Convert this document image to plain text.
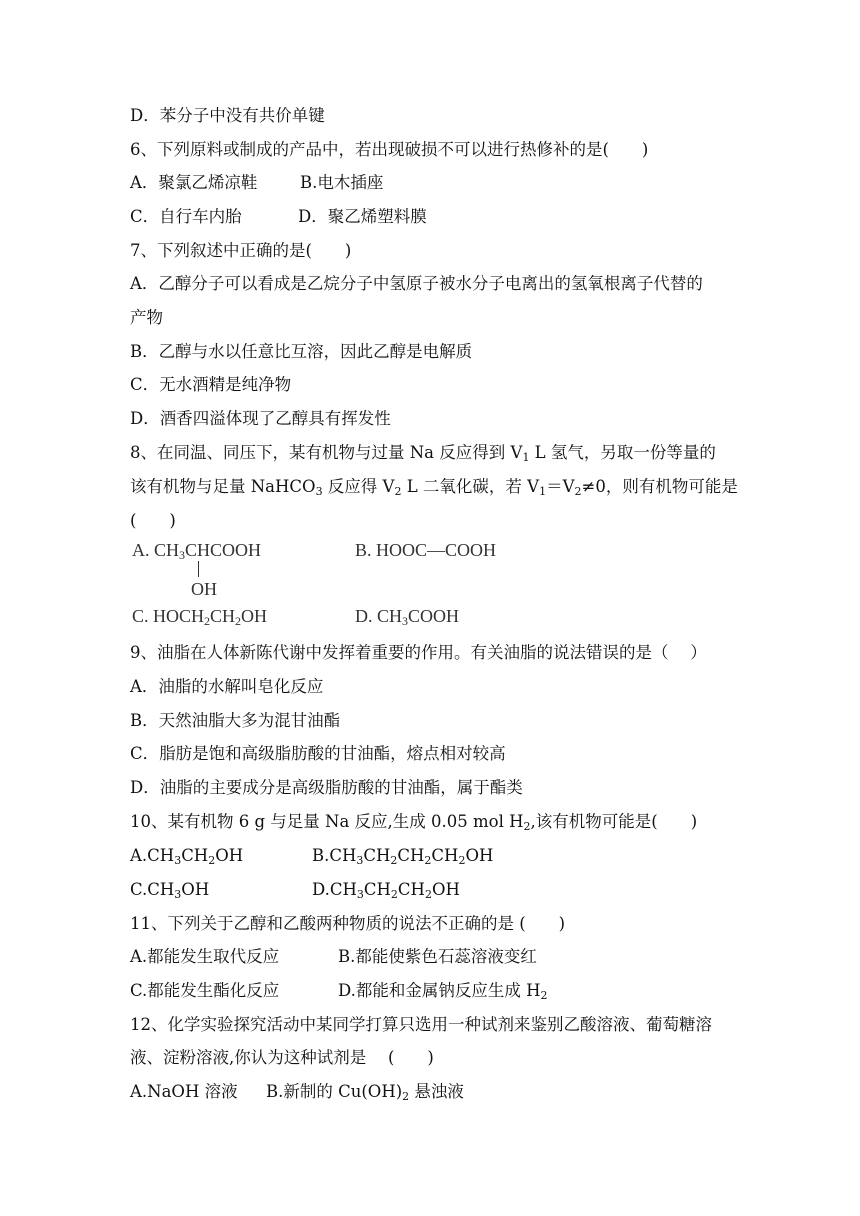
D．苯分子中没有共价单键
6、下列原料或制成的产品中，若出现破损不可以进行热修补的是(　　)
A．聚氯乙烯凉鞋	B.电木插座
C．自行车内胎	D．聚乙烯塑料膜
7、下列叙述中正确的是(　　)
A．乙醇分子可以看成是乙烷分子中氢原子被水分子电离出的氢氧根离子代替的
产物
B．乙醇与水以任意比互溶，因此乙醇是电解质
C．无水酒精是纯净物
D．酒香四溢体现了乙醇具有挥发性
8、在同温、同压下，某有机物与过量 Na 反应得到 $V_1$ L 氢气，另取一份等量的
该有机物与足量 NaHCO$_3$ 反应得 $V_2$ L 二氧化碳，若 $V_1=V_2\ne 0$，则有机物可能是
(　　)
A. $CH_3CHCOOH$
OH
B. HOOC—COOH
C. $HOCH_2CH_2OH$	D. $CH_3COOH$
9、油脂在人体新陈代谢中发挥着重要的作用。有关油脂的说法错误的是（　 ）
A．油脂的水解叫皂化反应
B．天然油脂大多为混甘油酯
C．脂肪是饱和高级脂肪酸的甘油酯，熔点相对较高
D．油脂的主要成分是高级脂肪酸的甘油酯，属于酯类
10、某有机物 6 g 与足量 Na 反应,生成 0.05 mol $H_2$,该有机物可能是(　　)
$A.CH_3CH_2OH$	$B.CH_3CH_2CH_2CH_2OH$
$C.CH_3OH$	$D.CH_3CH_2CH_2OH$
11、下列关于乙醇和乙酸两种物质的说法不正确的是 (　　)
A.都能发生取代反应	B.都能使紫色石蕊溶液变红
C.都能发生酯化反应	D.都能和金属钠反应生成 $H_2$
12、化学实验探究活动中某同学打算只选用一种试剂来鉴别乙酸溶液、葡萄糖溶
液、淀粉溶液,你认为这种试剂是　 (　　)
A.NaOH 溶液 B.新制的 $Cu(OH)_2$ 悬浊液
